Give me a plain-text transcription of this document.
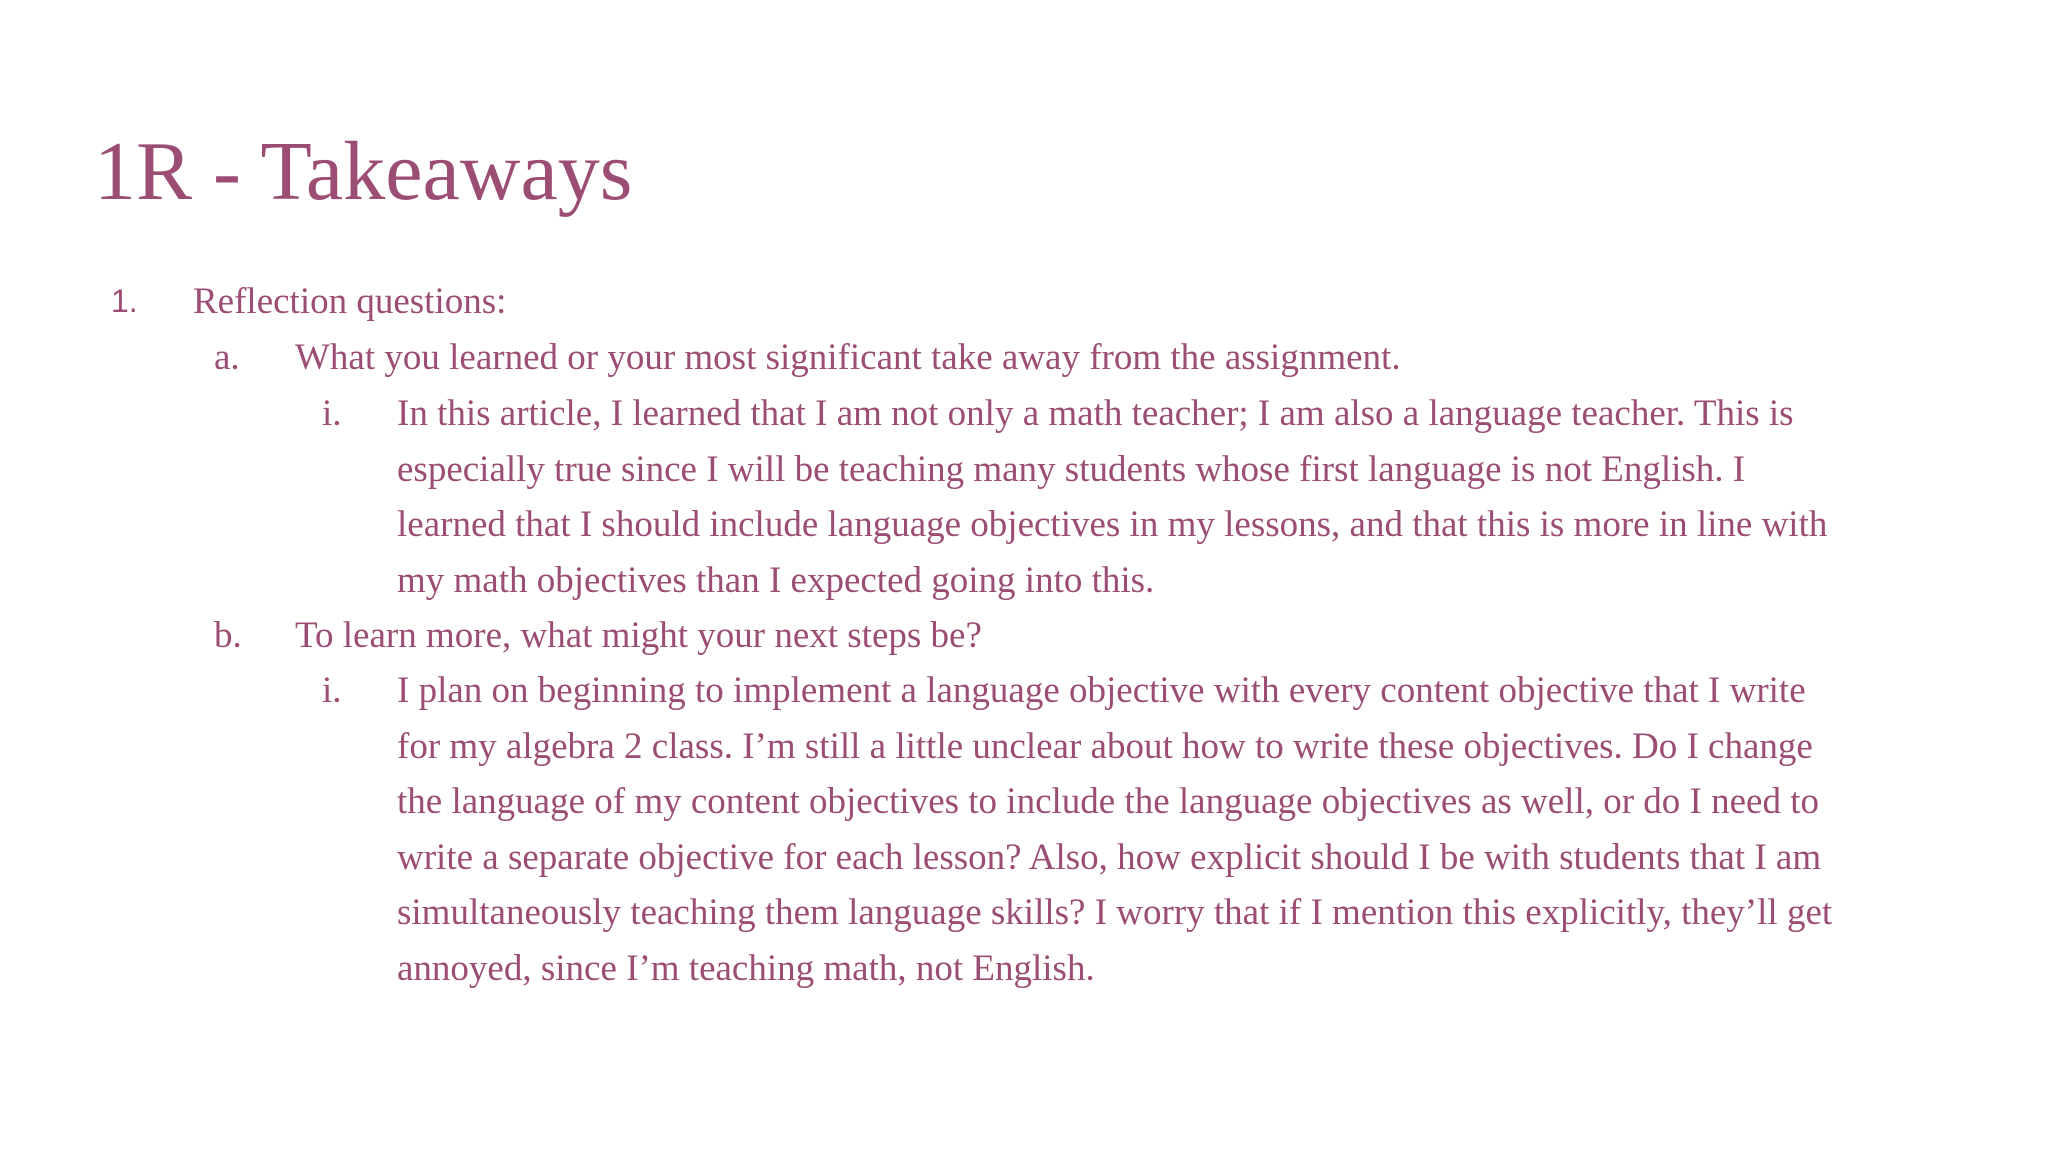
1R - Takeaways
1. Reflection questions:
a. What you learned or your most significant take away from the assignment.
i. In this article, I learned that I am not only a math teacher; I am also a language teacher. This is
especially true since I will be teaching many students whose first language is not English. I
learned that I should include language objectives in my lessons, and that this is more in line with
my math objectives than I expected going into this.
b. To learn more, what might your next steps be?
i. I plan on beginning to implement a language objective with every content objective that I write
for my algebra 2 class. I’m still a little unclear about how to write these objectives. Do I change
the language of my content objectives to include the language objectives as well, or do I need to
write a separate objective for each lesson? Also, how explicit should I be with students that I am
simultaneously teaching them language skills? I worry that if I mention this explicitly, they’ll get
annoyed, since I’m teaching math, not English.
